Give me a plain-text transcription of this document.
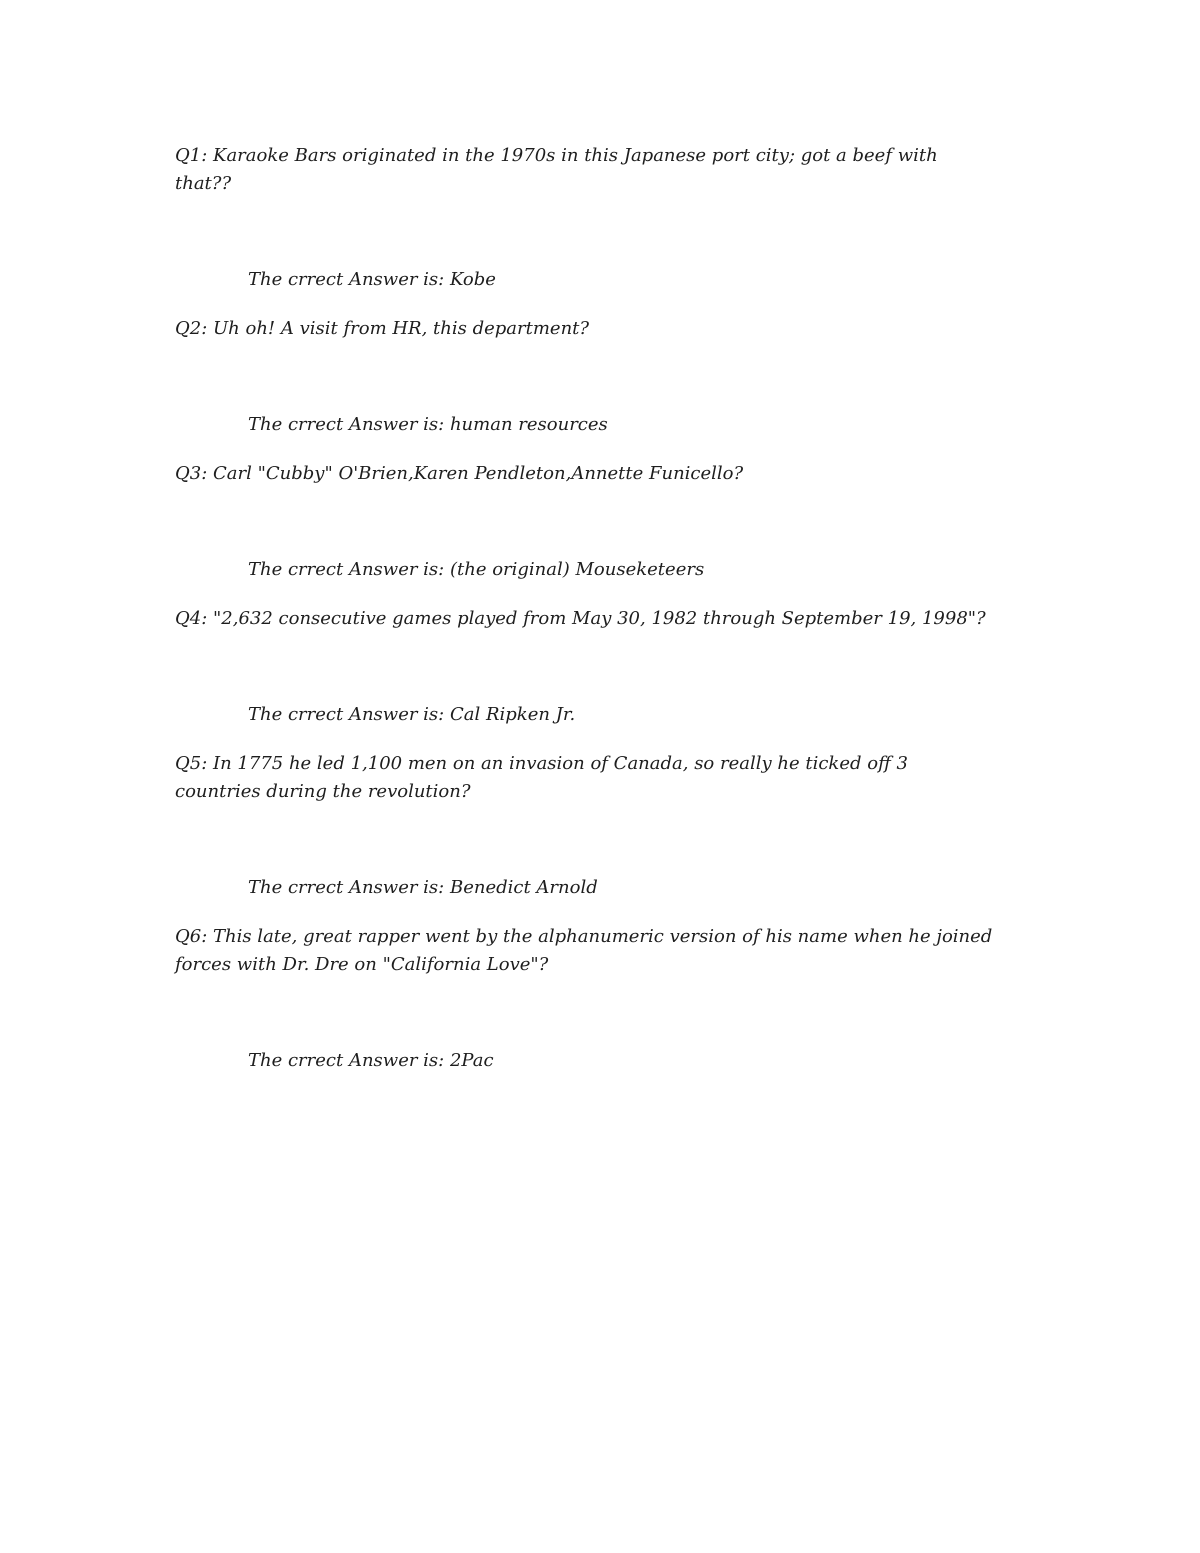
Q1: Karaoke Bars originated in the 1970s in this Japanese port city; got a beef with that??

The crrect Answer is: Kobe

Q2: Uh oh! A visit from HR, this department?

The crrect Answer is: human resources

Q3: Carl "Cubby" O'Brien,Karen Pendleton,Annette Funicello?

The crrect Answer is: (the original) Mouseketeers

Q4: "2,632 consecutive games played from May 30, 1982 through September 19, 1998"?

The crrect Answer is: Cal Ripken Jr.

Q5: In 1775 he led 1,100 men on an invasion of Canada, so really he ticked off 3 countries during the revolution?

The crrect Answer is: Benedict Arnold

Q6: This late, great rapper went by the alphanumeric version of his name when he joined forces with Dr. Dre on "California Love"?

The crrect Answer is: 2Pac
